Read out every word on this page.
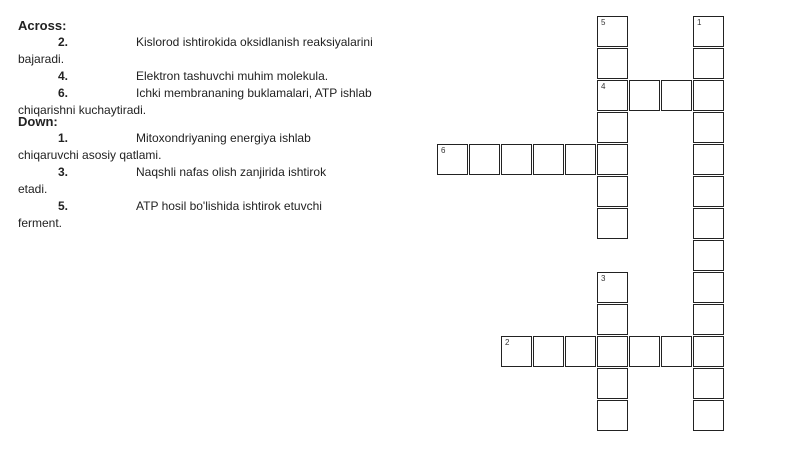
Across:
2.	Kislorod ishtirokida oksidlanish reaksiyalarini bajaradi.
4.	Elektron tashuvchi muhim molekula.
6.	Ichki membrananing buklamalari, ATP ishlab chiqarishni kuchaytiradi.
Down:
1.	Mitoxondriyaning energiya ishlab chiqaruvchi asosiy qatlami.
3.	Naqshli nafas olish zanjirida ishtirok etadi.
5.	ATP hosil bo'lishida ishtirok etuvchi ferment.
5
4
1
6
3
2
